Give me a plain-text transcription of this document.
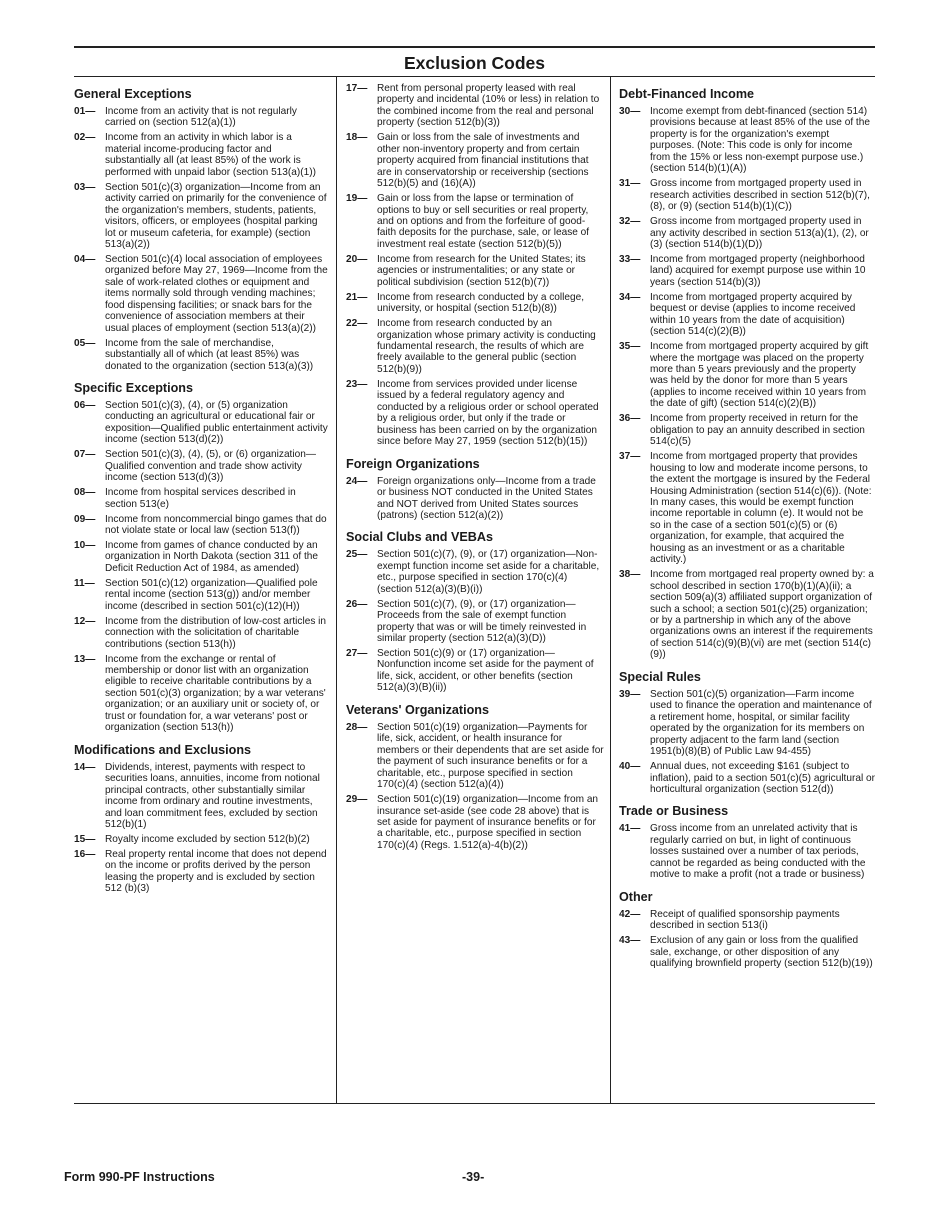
Exclusion Codes
General Exceptions
01— Income from an activity that is not regularly carried on (section 512(a)(1))
02— Income from an activity in which labor is a material income-producing factor and substantially all (at least 85%) of the work is performed with unpaid labor (section 513(a)(1))
03— Section 501(c)(3) organization—Income from an activity carried on primarily for the convenience of the organization's members, students, patients, visitors, officers, or employees (hospital parking lot or museum cafeteria, for example) (section 513(a)(2))
04— Section 501(c)(4) local association of employees organized before May 27, 1969—Income from the sale of work-related clothes or equipment and items normally sold through vending machines; food dispensing facilities; or snack bars for the convenience of association members at their usual places of employment (section 513(a)(2))
05— Income from the sale of merchandise, substantially all of which (at least 85%) was donated to the organization (section 513(a)(3))
Specific Exceptions
06— Section 501(c)(3), (4), or (5) organization conducting an agricultural or educational fair or exposition—Qualified public entertainment activity income (section 513(d)(2))
07— Section 501(c)(3), (4), (5), or (6) organization—Qualified convention and trade show activity income (section 513(d)(3))
08— Income from hospital services described in section 513(e)
09— Income from noncommercial bingo games that do not violate state or local law (section 513(f))
10— Income from games of chance conducted by an organization in North Dakota (section 311 of the Deficit Reduction Act of 1984, as amended)
11—	Section 501(c)(12) organization—Qualified pole rental income (section 513(g)) and/or member income (described in section 501(c)(12)(H))
12— Income from the distribution of low-cost articles in connection with the solicitation of charitable contributions (section 513(h))
13— Income from the exchange or rental of membership or donor list with an organization eligible to receive charitable contributions by a section 501(c)(3) organization; by a war veterans' organization; or an auxiliary unit or society of, or trust or foundation for, a war veterans' post or organization (section 513(h))
Modifications and Exclusions
14— Dividends, interest, payments with respect to securities loans, annuities, income from notional principal contracts, other substantially similar income from ordinary and routine investments, and loan commitment fees, excluded by section 512(b)(1)
15— Royalty income excluded by section 512(b)(2)
16— Real property rental income that does not depend on the income or profits derived by the person leasing the property and is excluded by section 512 (b)(3)
17— Rent from personal property leased with real property and incidental (10% or less) in relation to the combined income from the real and personal property (section 512(b)(3))
18— Gain or loss from the sale of investments and other non-inventory property and from certain property acquired from financial institutions that are in conservatorship or receivership (sections 512(b)(5) and (16)(A))
19— Gain or loss from the lapse or termination of options to buy or sell securities or real property, and on options and from the forfeiture of good-faith deposits for the purchase, sale, or lease of investment real estate (section 512(b)(5))
20— Income from research for the United States; its agencies or instrumentalities; or any state or political subdivision (section 512(b)(7))
21— Income from research conducted by a college, university, or hospital (section 512(b)(8))
22— Income from research conducted by an organization whose primary activity is conducting fundamental research, the results of which are freely available to the general public (section 512(b)(9))
23— Income from services provided under license issued by a federal regulatory agency and conducted by a religious order or school operated by a religious order, but only if the trade or business has been carried on by the organization since before May 27, 1959 (section 512(b)(15))
Foreign Organizations
24— Foreign organizations only—Income from a trade or business NOT conducted in the United States and NOT derived from United States sources (patrons) (section 512(a)(2))
Social Clubs and VEBAs
25— Section 501(c)(7), (9), or (17) organization—Non-exempt function income set aside for a charitable, etc., purpose specified in section 170(c)(4) (section 512(a)(3)(B)(i))
26— Section 501(c)(7), (9), or (17) organization—Proceeds from the sale of exempt function property that was or will be timely reinvested in similar property (section 512(a)(3)(D))
27— Section 501(c)(9) or (17) organization—Nonfunction income set aside for the payment of life, sick, accident, or other benefits (section 512(a)(3)(B)(ii))
Veterans' Organizations
28— Section 501(c)(19) organization—Payments for life, sick, accident, or health insurance for members or their dependents that are set aside for the payment of such insurance benefits or for a charitable, etc., purpose specified in section 170(c)(4) (section 512(a)(4))
29— Section 501(c)(19) organization—Income from an insurance set-aside (see code 28 above) that is set aside for payment of insurance benefits or for a charitable, etc., purpose specified in section 170(c)(4) (Regs. 1.512(a)-4(b)(2))
Debt-Financed Income
30— Income exempt from debt-financed (section 514) provisions because at least 85% of the use of the property is for the organization's exempt purposes. (Note: This code is only for income from the 15% or less non-exempt purpose use.) (section 514(b)(1)(A))
31— Gross income from mortgaged property used in research activities described in section 512(b)(7), (8), or (9) (section 514(b)(1)(C))
32— Gross income from mortgaged property used in any activity described in section 513(a)(1), (2), or (3) (section 514(b)(1)(D))
33— Income from mortgaged property (neighborhood land) acquired for exempt purpose use within 10 years (section 514(b)(3))
34— Income from mortgaged property acquired by bequest or devise (applies to income received within 10 years from the date of acquisition) (section 514(c)(2)(B))
35— Income from mortgaged property acquired by gift where the mortgage was placed on the property more than 5 years previously and the property was held by the donor for more than 5 years (applies to income received within 10 years from the date of gift) (section 514(c)(2)(B))
36— Income from property received in return for the obligation to pay an annuity described in section 514(c)(5)
37— Income from mortgaged property that provides housing to low and moderate income persons, to the extent the mortgage is insured by the Federal Housing Administration (section 514(c)(6)). (Note: In many cases, this would be exempt function income reportable in column (e). It would not be so in the case of a section 501(c)(5) or (6) organization, for example, that acquired the housing as an investment or as a charitable activity.)
38— Income from mortgaged real property owned by: a school described in section 170(b)(1)(A)(ii); a section 509(a)(3) affiliated support organization of such a school; a section 501(c)(25) organization; or by a partnership in which any of the above organizations owns an interest if the requirements of section 514(c)(9)(B)(vi) are met (section 514(c)(9))
Special Rules
39— Section 501(c)(5) organization—Farm income used to finance the operation and maintenance of a retirement home, hospital, or similar facility operated by the organization for its members on property adjacent to the farm land (section 1951(b)(8)(B) of Public Law 94-455)
40— Annual dues, not exceeding $161 (subject to inflation), paid to a section 501(c)(5) agricultural or horticultural organization (section 512(d))
Trade or Business
41— Gross income from an unrelated activity that is regularly carried on but, in light of continuous losses sustained over a number of tax periods, cannot be regarded as being conducted with the motive to make a profit (not a trade or business)
Other
42— Receipt of qualified sponsorship payments described in section 513(i)
43— Exclusion of any gain or loss from the qualified sale, exchange, or other disposition of any qualifying brownfield property (section 512(b)(19))
Form 990-PF Instructions	-39-
